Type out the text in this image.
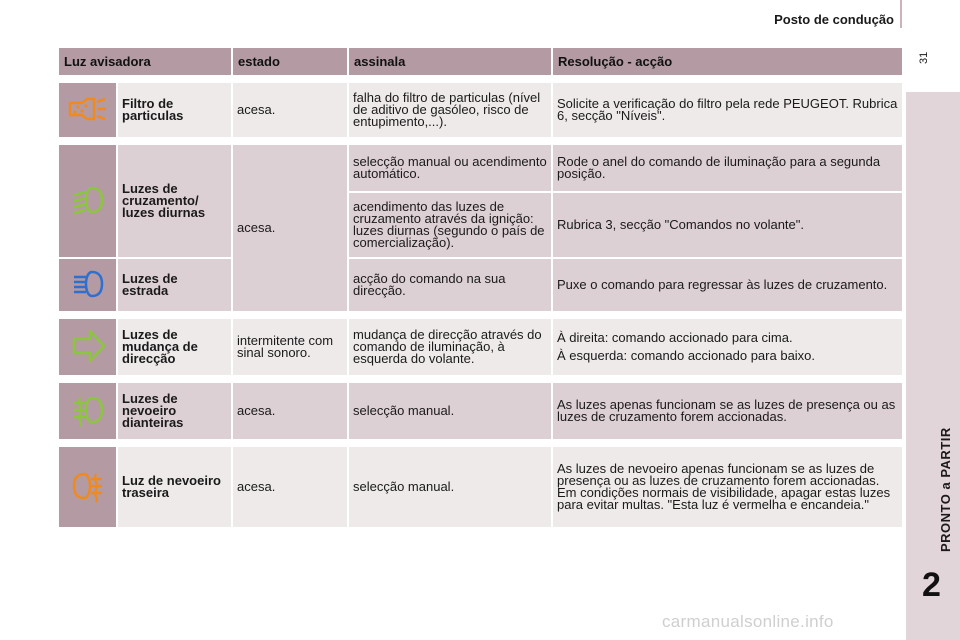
Posto de condução
31
PRONTO a PARTIR
2
Luz avisadora		estado	assinala	Resolução - acção

	Filtro de particulas	acesa.	falha do filtro de particulas (nível de aditivo de gasóleo, risco de entupimento,...).	Solicite a verificação do filtro pela rede PEUGEOT. Rubrica 6, secção "Níveis".

	Luzes de cruzamento/ luzes diurnas	acesa.	selecção manual ou acendimento automático.	Rode o anel do comando de iluminação para a segunda posição.
			acendimento das luzes de cruzamento através da ignição: luzes diurnas (segundo o país de comercialização).	Rubrica 3, secção "Comandos no volante".
	Luzes de estrada		acção do comando na sua direcção.	Puxe o comando para regressar às luzes de cruzamento.

	Luzes de mudança de direcção	intermitente com sinal sonoro.	mudança de direcção através do comando de iluminação, à esquerda do volante.	À direita: comando accionado para cima.
À esquerda: comando accionado para baixo.

	Luzes de nevoeiro dianteiras	acesa.	selecção manual.	As luzes apenas funcionam se as luzes de presença ou as luzes de cruzamento forem accionadas.

	Luz de nevoeiro traseira	acesa.	selecção manual.	As luzes de nevoeiro apenas funcionam se as luzes de presença ou as luzes de cruzamento forem accionadas. Em condições normais de visibilidade, apagar estas luzes para evitar multas. "Esta luz é vermelha e encandeia."
carmanualsonline.info
